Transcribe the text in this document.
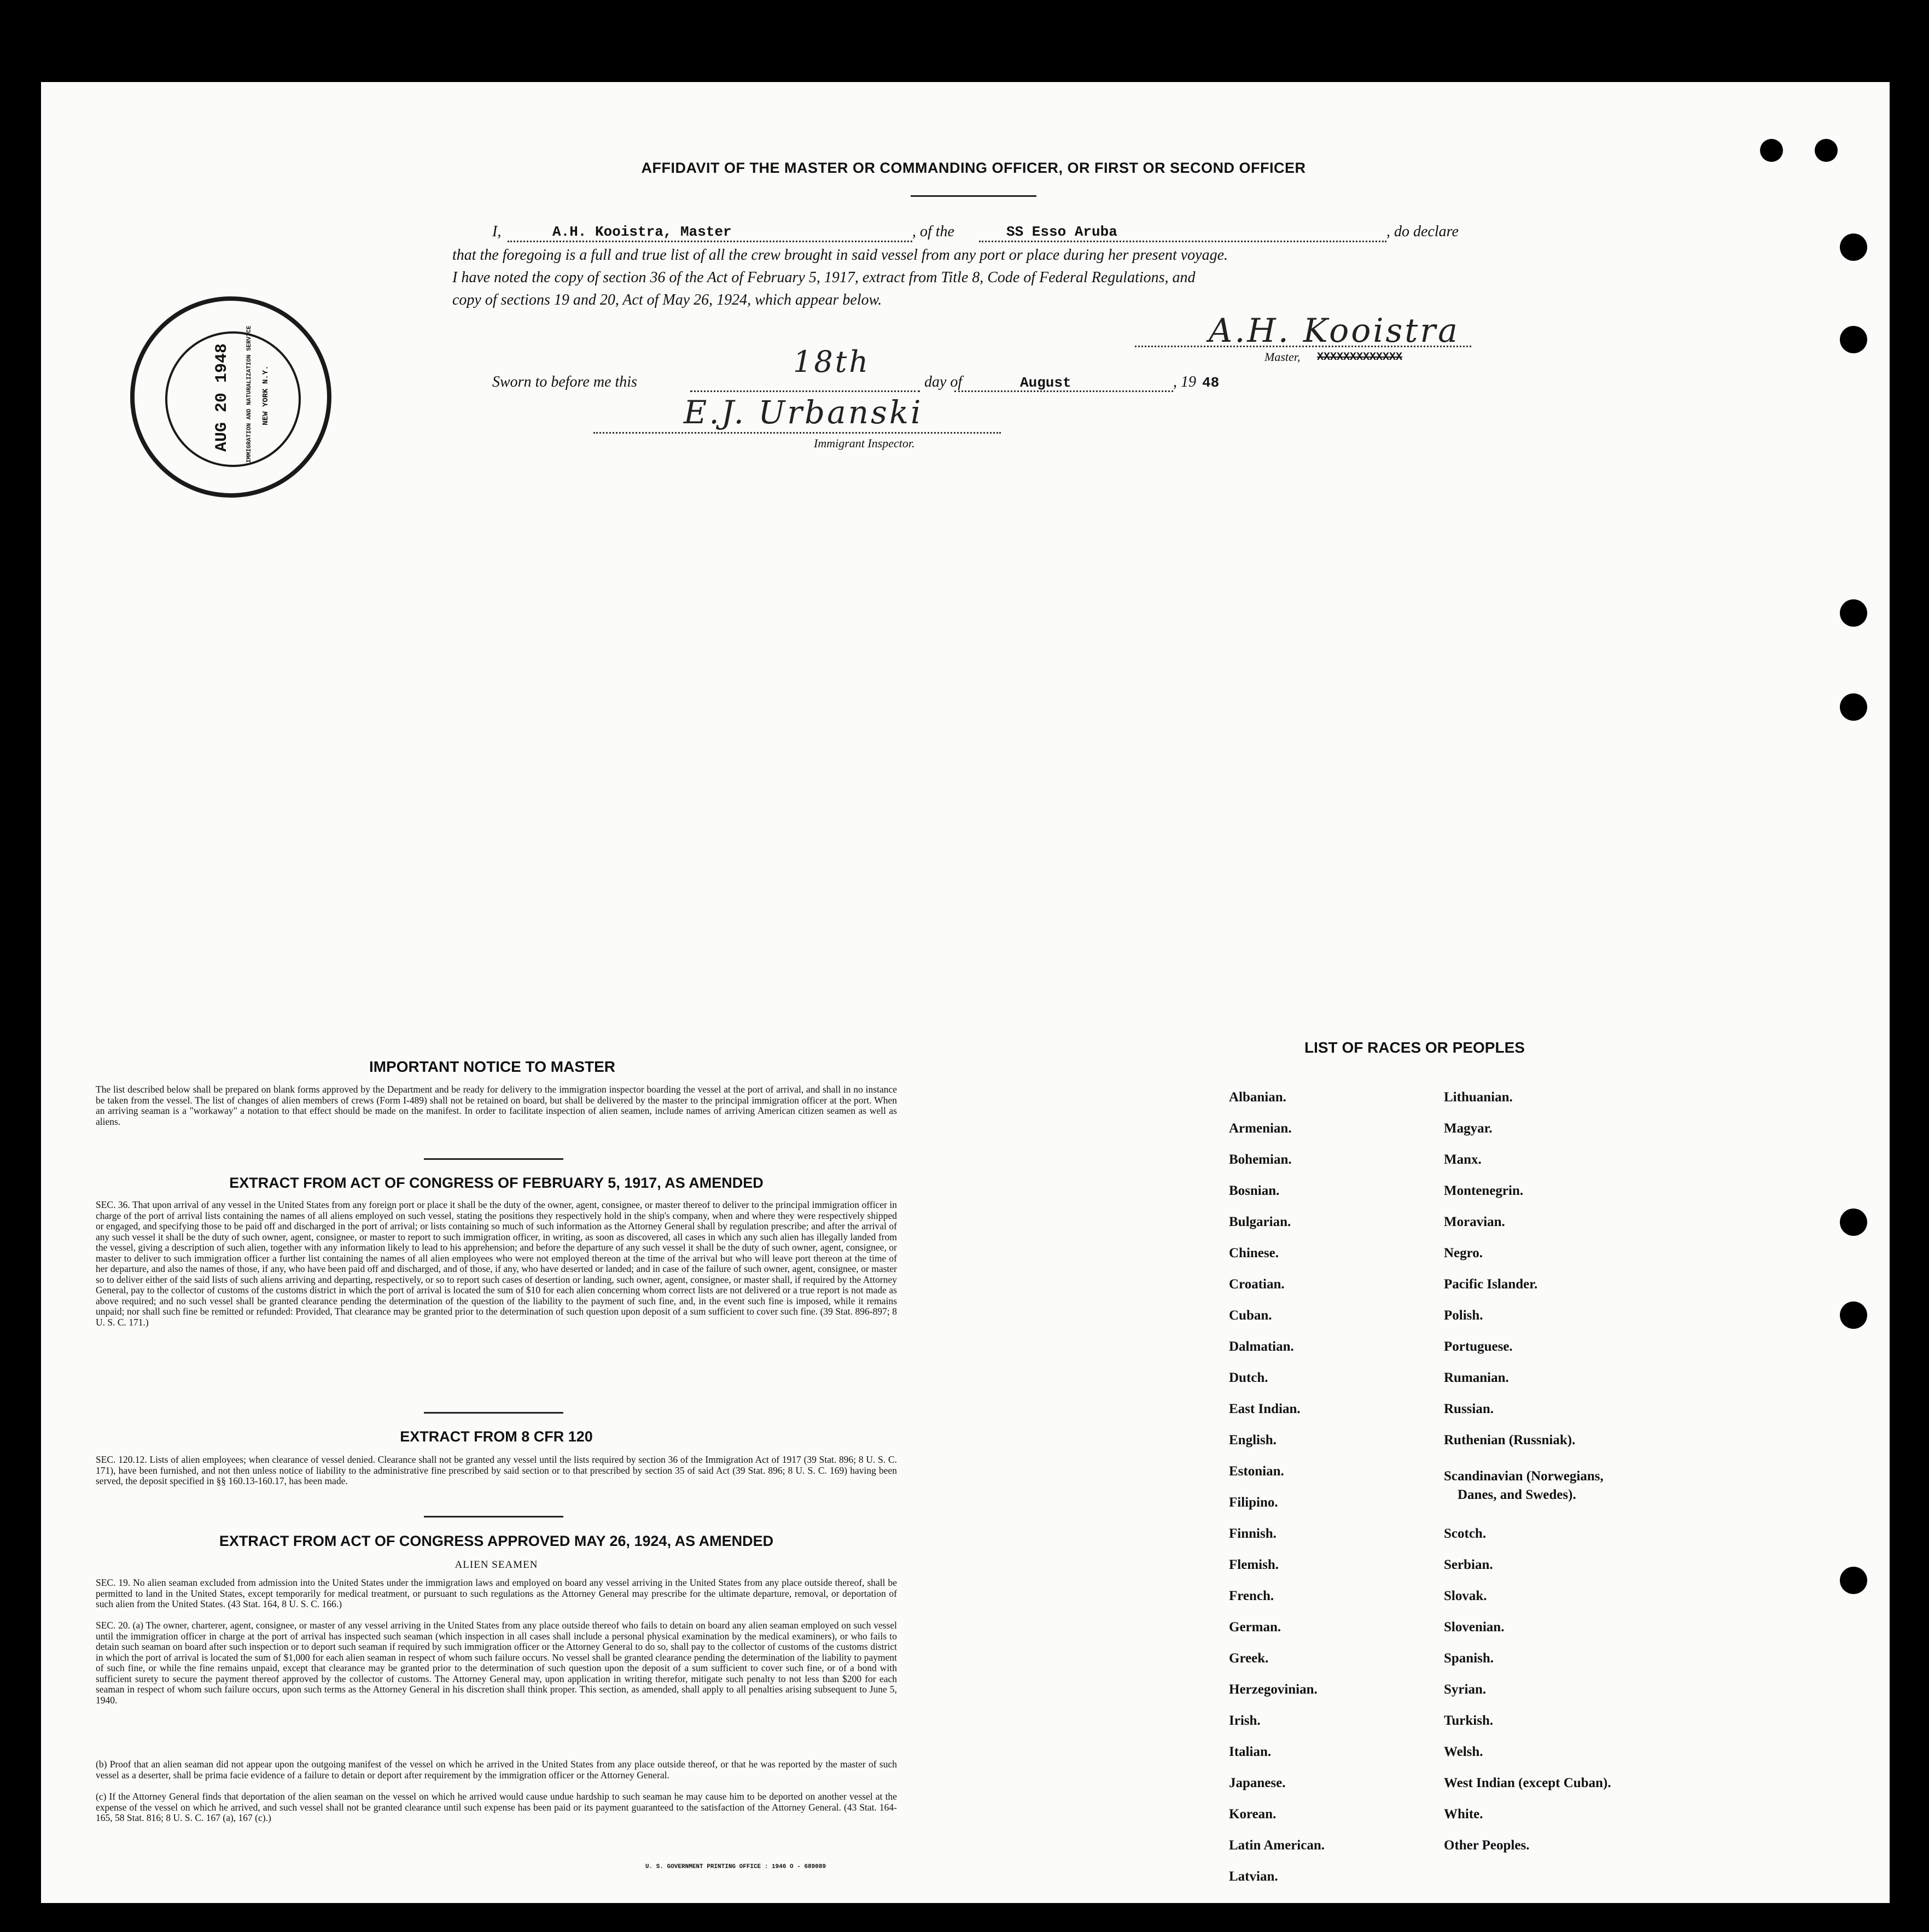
AFFIDAVIT OF THE MASTER OR COMMANDING OFFICER, OR FIRST OR SECOND OFFICER
I,	A.H. Kooistra, Master	, of the	SS Esso Aruba	, do declare
that the foregoing is a full and true list of all the crew brought in said vessel from any port or place during her present voyage.
I have noted the copy of section 36 of the Act of February 5, 1917, extract from Title 8, Code of Federal Regulations, and
copy of sections 19 and 20, Act of May 26, 1924, which appear below.
A.H. Kooistra
Master, XXXXXXXXXXXXX
Sworn to before me this
18th
day of	August	, 19 48
E.J. Urbanski
Immigrant Inspector.
AUG 20 1948 IMMIGRATION AND NATURALIZATION SERVICE NEW YORK N.Y.
IMPORTANT NOTICE TO MASTER
The list described below shall be prepared on blank forms approved by the Department and be ready for delivery to the immigration inspector boarding the vessel at the port of arrival, and shall in no instance be taken from the vessel. The list of changes of alien members of crews (Form I-489) shall not be retained on board, but shall be delivered by the master to the principal immigration officer at the port. When an arriving seaman is a "workaway" a notation to that effect should be made on the manifest. In order to facilitate inspection of alien seamen, include names of arriving American citizen seamen as well as aliens.
EXTRACT FROM ACT OF CONGRESS OF FEBRUARY 5, 1917, AS AMENDED
SEC. 36. That upon arrival of any vessel in the United States from any foreign port or place it shall be the duty of the owner, agent, consignee, or master thereof to deliver to the principal immigration officer in charge of the port of arrival lists containing the names of all aliens employed on such vessel, stating the positions they respectively hold in the ship's company, when and where they were respectively shipped or engaged, and specifying those to be paid off and discharged in the port of arrival; or lists containing so much of such information as the Attorney General shall by regulation prescribe; and after the arrival of any such vessel it shall be the duty of such owner, agent, consignee, or master to report to such immigration officer, in writing, as soon as discovered, all cases in which any such alien has illegally landed from the vessel, giving a description of such alien, together with any information likely to lead to his apprehension; and before the departure of any such vessel it shall be the duty of such owner, agent, consignee, or master to deliver to such immigration officer a further list containing the names of all alien employees who were not employed thereon at the time of the arrival but who will leave port thereon at the time of her departure, and also the names of those, if any, who have been paid off and discharged, and of those, if any, who have deserted or landed; and in case of the failure of such owner, agent, consignee, or master so to deliver either of the said lists of such aliens arriving and departing, respectively, or so to report such cases of desertion or landing, such owner, agent, consignee, or master shall, if required by the Attorney General, pay to the collector of customs of the customs district in which the port of arrival is located the sum of $10 for each alien concerning whom correct lists are not delivered or a true report is not made as above required; and no such vessel shall be granted clearance pending the determination of the question of the liability to the payment of such fine, and, in the event such fine is imposed, while it remains unpaid; nor shall such fine be remitted or refunded: Provided, That clearance may be granted prior to the determination of such question upon deposit of a sum sufficient to cover such fine. (39 Stat. 896-897; 8 U. S. C. 171.)
EXTRACT FROM 8 CFR 120
SEC. 120.12. Lists of alien employees; when clearance of vessel denied. Clearance shall not be granted any vessel until the lists required by section 36 of the Immigration Act of 1917 (39 Stat. 896; 8 U. S. C. 171), have been furnished, and not then unless notice of liability to the administrative fine prescribed by said section or to that prescribed by section 35 of said Act (39 Stat. 896; 8 U. S. C. 169) having been served, the deposit specified in §§ 160.13-160.17, has been made.
EXTRACT FROM ACT OF CONGRESS APPROVED MAY 26, 1924, AS AMENDED
ALIEN SEAMEN
SEC. 19. No alien seaman excluded from admission into the United States under the immigration laws and employed on board any vessel arriving in the United States from any place outside thereof, shall be permitted to land in the United States, except temporarily for medical treatment, or pursuant to such regulations as the Attorney General may prescribe for the ultimate departure, removal, or deportation of such alien from the United States. (43 Stat. 164, 8 U. S. C. 166.)
SEC. 20. (a) The owner, charterer, agent, consignee, or master of any vessel arriving in the United States from any place outside thereof who fails to detain on board any alien seaman employed on such vessel until the immigration officer in charge at the port of arrival has inspected such seaman (which inspection in all cases shall include a personal physical examination by the medical examiners), or who fails to detain such seaman on board after such inspection or to deport such seaman if required by such immigration officer or the Attorney General to do so, shall pay to the collector of customs of the customs district in which the port of arrival is located the sum of $1,000 for each alien seaman in respect of whom such failure occurs. No vessel shall be granted clearance pending the determination of the liability to payment of such fine, or while the fine remains unpaid, except that clearance may be granted prior to the determination of such question upon the deposit of a sum sufficient to cover such fine, or of a bond with sufficient surety to secure the payment thereof approved by the collector of customs. The Attorney General may, upon application in writing therefor, mitigate such penalty to not less than $200 for each seaman in respect of whom such failure occurs, upon such terms as the Attorney General in his discretion shall think proper. This section, as amended, shall apply to all penalties arising subsequent to June 5, 1940.
(b) Proof that an alien seaman did not appear upon the outgoing manifest of the vessel on which he arrived in the United States from any place outside thereof, or that he was reported by the master of such vessel as a deserter, shall be prima facie evidence of a failure to detain or deport after requirement by the immigration officer or the Attorney General.
(c) If the Attorney General finds that deportation of the alien seaman on the vessel on which he arrived would cause undue hardship to such seaman he may cause him to be deported on another vessel at the expense of the vessel on which he arrived, and such vessel shall not be granted clearance until such expense has been paid or its payment guaranteed to the satisfaction of the Attorney General. (43 Stat. 164-165, 58 Stat. 816; 8 U. S. C. 167 (a), 167 (c).)
U. S. GOVERNMENT PRINTING OFFICE : 1946 O - 689089
LIST OF RACES OR PEOPLES
Albanian.
Armenian.
Bohemian.
Bosnian.
Bulgarian.
Chinese.
Croatian.
Cuban.
Dalmatian.
Dutch.
East Indian.
English.
Estonian.
Filipino.
Finnish.
Flemish.
French.
German.
Greek.
Herzegovinian.
Irish.
Italian.
Japanese.
Korean.
Latin American.
Latvian.
Lithuanian.
Magyar.
Manx.
Montenegrin.
Moravian.
Negro.
Pacific Islander.
Polish.
Portuguese.
Rumanian.
Russian.
Ruthenian (Russniak).
Scandinavian (Norwegians,
Danes, and Swedes).
Scotch.
Serbian.
Slovak.
Slovenian.
Spanish.
Syrian.
Turkish.
Welsh.
West Indian (except Cuban).
White.
Other Peoples.
